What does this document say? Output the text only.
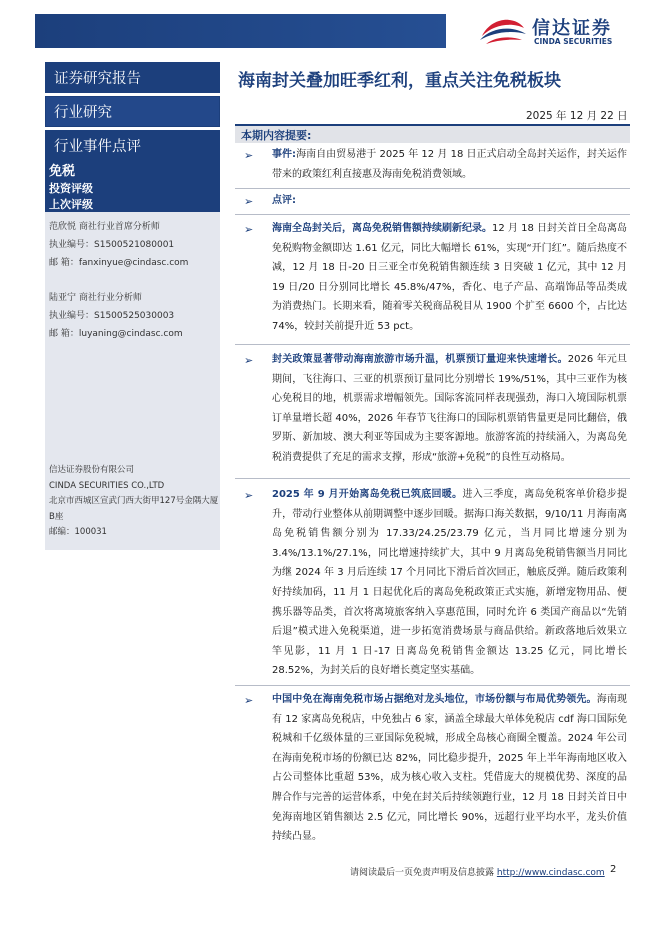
信达证券
CINDA SECURITIES
证券研究报告
行业研究
行业事件点评
免税
投资评级
上次评级
范欣悦 商社行业首席分析师
执业编号：S1500521080001
邮 箱：fanxinyue@cindasc.com
陆亚宁 商社行业分析师
执业编号：S1500525030003
邮 箱：luyaning@cindasc.com
信达证券股份有限公司
CINDA SECURITIES CO.,LTD
北京市西城区宣武门西大街甲127号金隅大厦B座
邮编：100031
海南封关叠加旺季红利，重点关注免税板块
2025 年 12 月 22 日
本期内容提要:
➢ 事件:海南自由贸易港于 2025 年 12 月 18 日正式启动全岛封关运作，封关运作带来的政策红利直接惠及海南免税消费领域。
➢ 点评:
➢ 海南全岛封关后，离岛免税销售额持续刷新纪录。12 月 18 日封关首日全岛离岛免税购物金额即达 1.61 亿元，同比大幅增长 61%，实现“开门红”。随后热度不减，12 月 18 日-20 日三亚全市免税销售额连续 3 日突破 1 亿元，其中 12 月 19 日/20 日分别同比增长 45.8%/47%，香化、电子产品、高端饰品等品类成为消费热门。长期来看，随着零关税商品税目从 1900 个扩至 6600 个，占比达 74%，较封关前提升近 53 pct。
➢ 封关政策显著带动海南旅游市场升温，机票预订量迎来快速增长。2026 年元旦期间，飞往海口、三亚的机票预订量同比分别增长 19%/51%，其中三亚作为核心免税目的地，机票需求增幅领先。国际客流同样表现强劲，海口入境国际机票订单量增长超 40%，2026 年春节飞往海口的国际机票销售量更是同比翻倍，俄罗斯、新加坡、澳大利亚等国成为主要客源地。旅游客流的持续涌入，为离岛免税消费提供了充足的需求支撑，形成“旅游+免税”的良性互动格局。
➢ 2025 年 9 月开始离岛免税已筑底回暖。进入三季度，离岛免税客单价稳步提升，带动行业整体从前期调整中逐步回暖。据海口海关数据，9/10/11 月海南离岛免税销售额分别为 17.33/24.25/23.79 亿元，当月同比增速分别为 3.4%/13.1%/27.1%，同比增速持续扩大，其中 9 月离岛免税销售额当月同比为继 2024 年 3 月后连续 17 个月同比下滑后首次回正，触底反弹。随后政策利好持续加码，11 月 1 日起优化后的离岛免税政策正式实施，新增宠物用品、便携乐器等品类，首次将离境旅客纳入享惠范围，同时允许 6 类国产商品以“先销后退”模式进入免税渠道，进一步拓宽消费场景与商品供给。新政落地后效果立竿见影，11 月 1 日-17 日离岛免税销售金额达 13.25 亿元，同比增长 28.52%，为封关后的良好增长奠定坚实基础。
➢ 中国中免在海南免税市场占据绝对龙头地位，市场份额与布局优势领先。海南现有 12 家离岛免税店，中免独占 6 家，涵盖全球最大单体免税店 cdf 海口国际免税城和千亿级体量的三亚国际免税城，形成全岛核心商圈全覆盖。2024 年公司在海南免税市场的份额已达 82%，同比稳步提升，2025 年上半年海南地区收入占公司整体比重超 53%，成为核心收入支柱。凭借庞大的规模优势、深度的品牌合作与完善的运营体系，中免在封关后持续领跑行业，12 月 18 日封关首日中免海南地区销售额达 2.5 亿元，同比增长 90%，远超行业平均水平，龙头价值持续凸显。
请阅读最后一页免责声明及信息披露 http://www.cindasc.com 2
